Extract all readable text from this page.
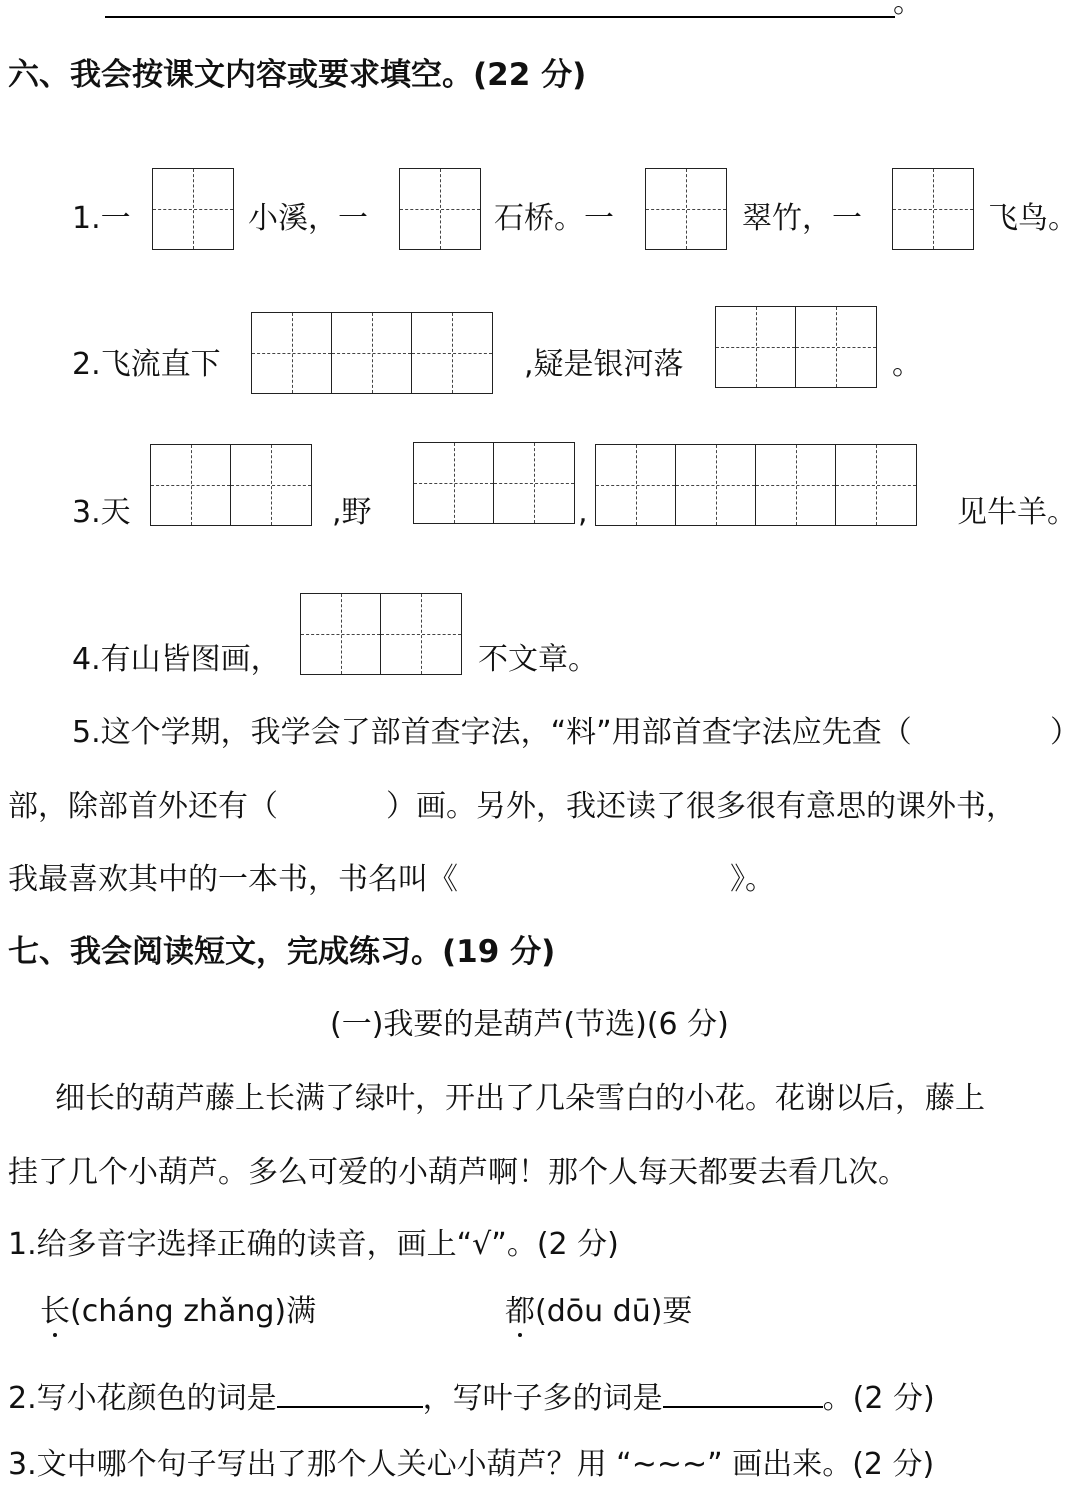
。
六、我会按课文内容或要求填空。(22 分)
1.一	小溪，一	石桥。一	翠竹，一	飞鸟。
2.飞流直下	,疑是银河落	。
3.天	,野	,	见牛羊。
4.有山皆图画，	不文章。
5.这个学期，我学会了部首查字法，“料”用部首查字法应先查（	）
部，除部首外还有（	）画。另外，我还读了很多很有意思的课外书，
我最喜欢其中的一本书，书名叫《	》。
七、我会阅读短文，完成练习。(19 分)
(一)我要的是葫芦(节选)(6 分)
细长的葫芦藤上长满了绿叶，开出了几朵雪白的小花。花谢以后，藤上
挂了几个小葫芦。多么可爱的小葫芦啊！那个人每天都要去看几次。
1.给多音字选择正确的读音，画上“√”。(2 分)
长(cháng zhǎng)满	都(dōu dū)要
2.写小花颜色的词是	，写叶子多的词是	。(2 分)
3.文中哪个句子写出了那个人关心小葫芦？用 “~~~” 画出来。(2 分)
